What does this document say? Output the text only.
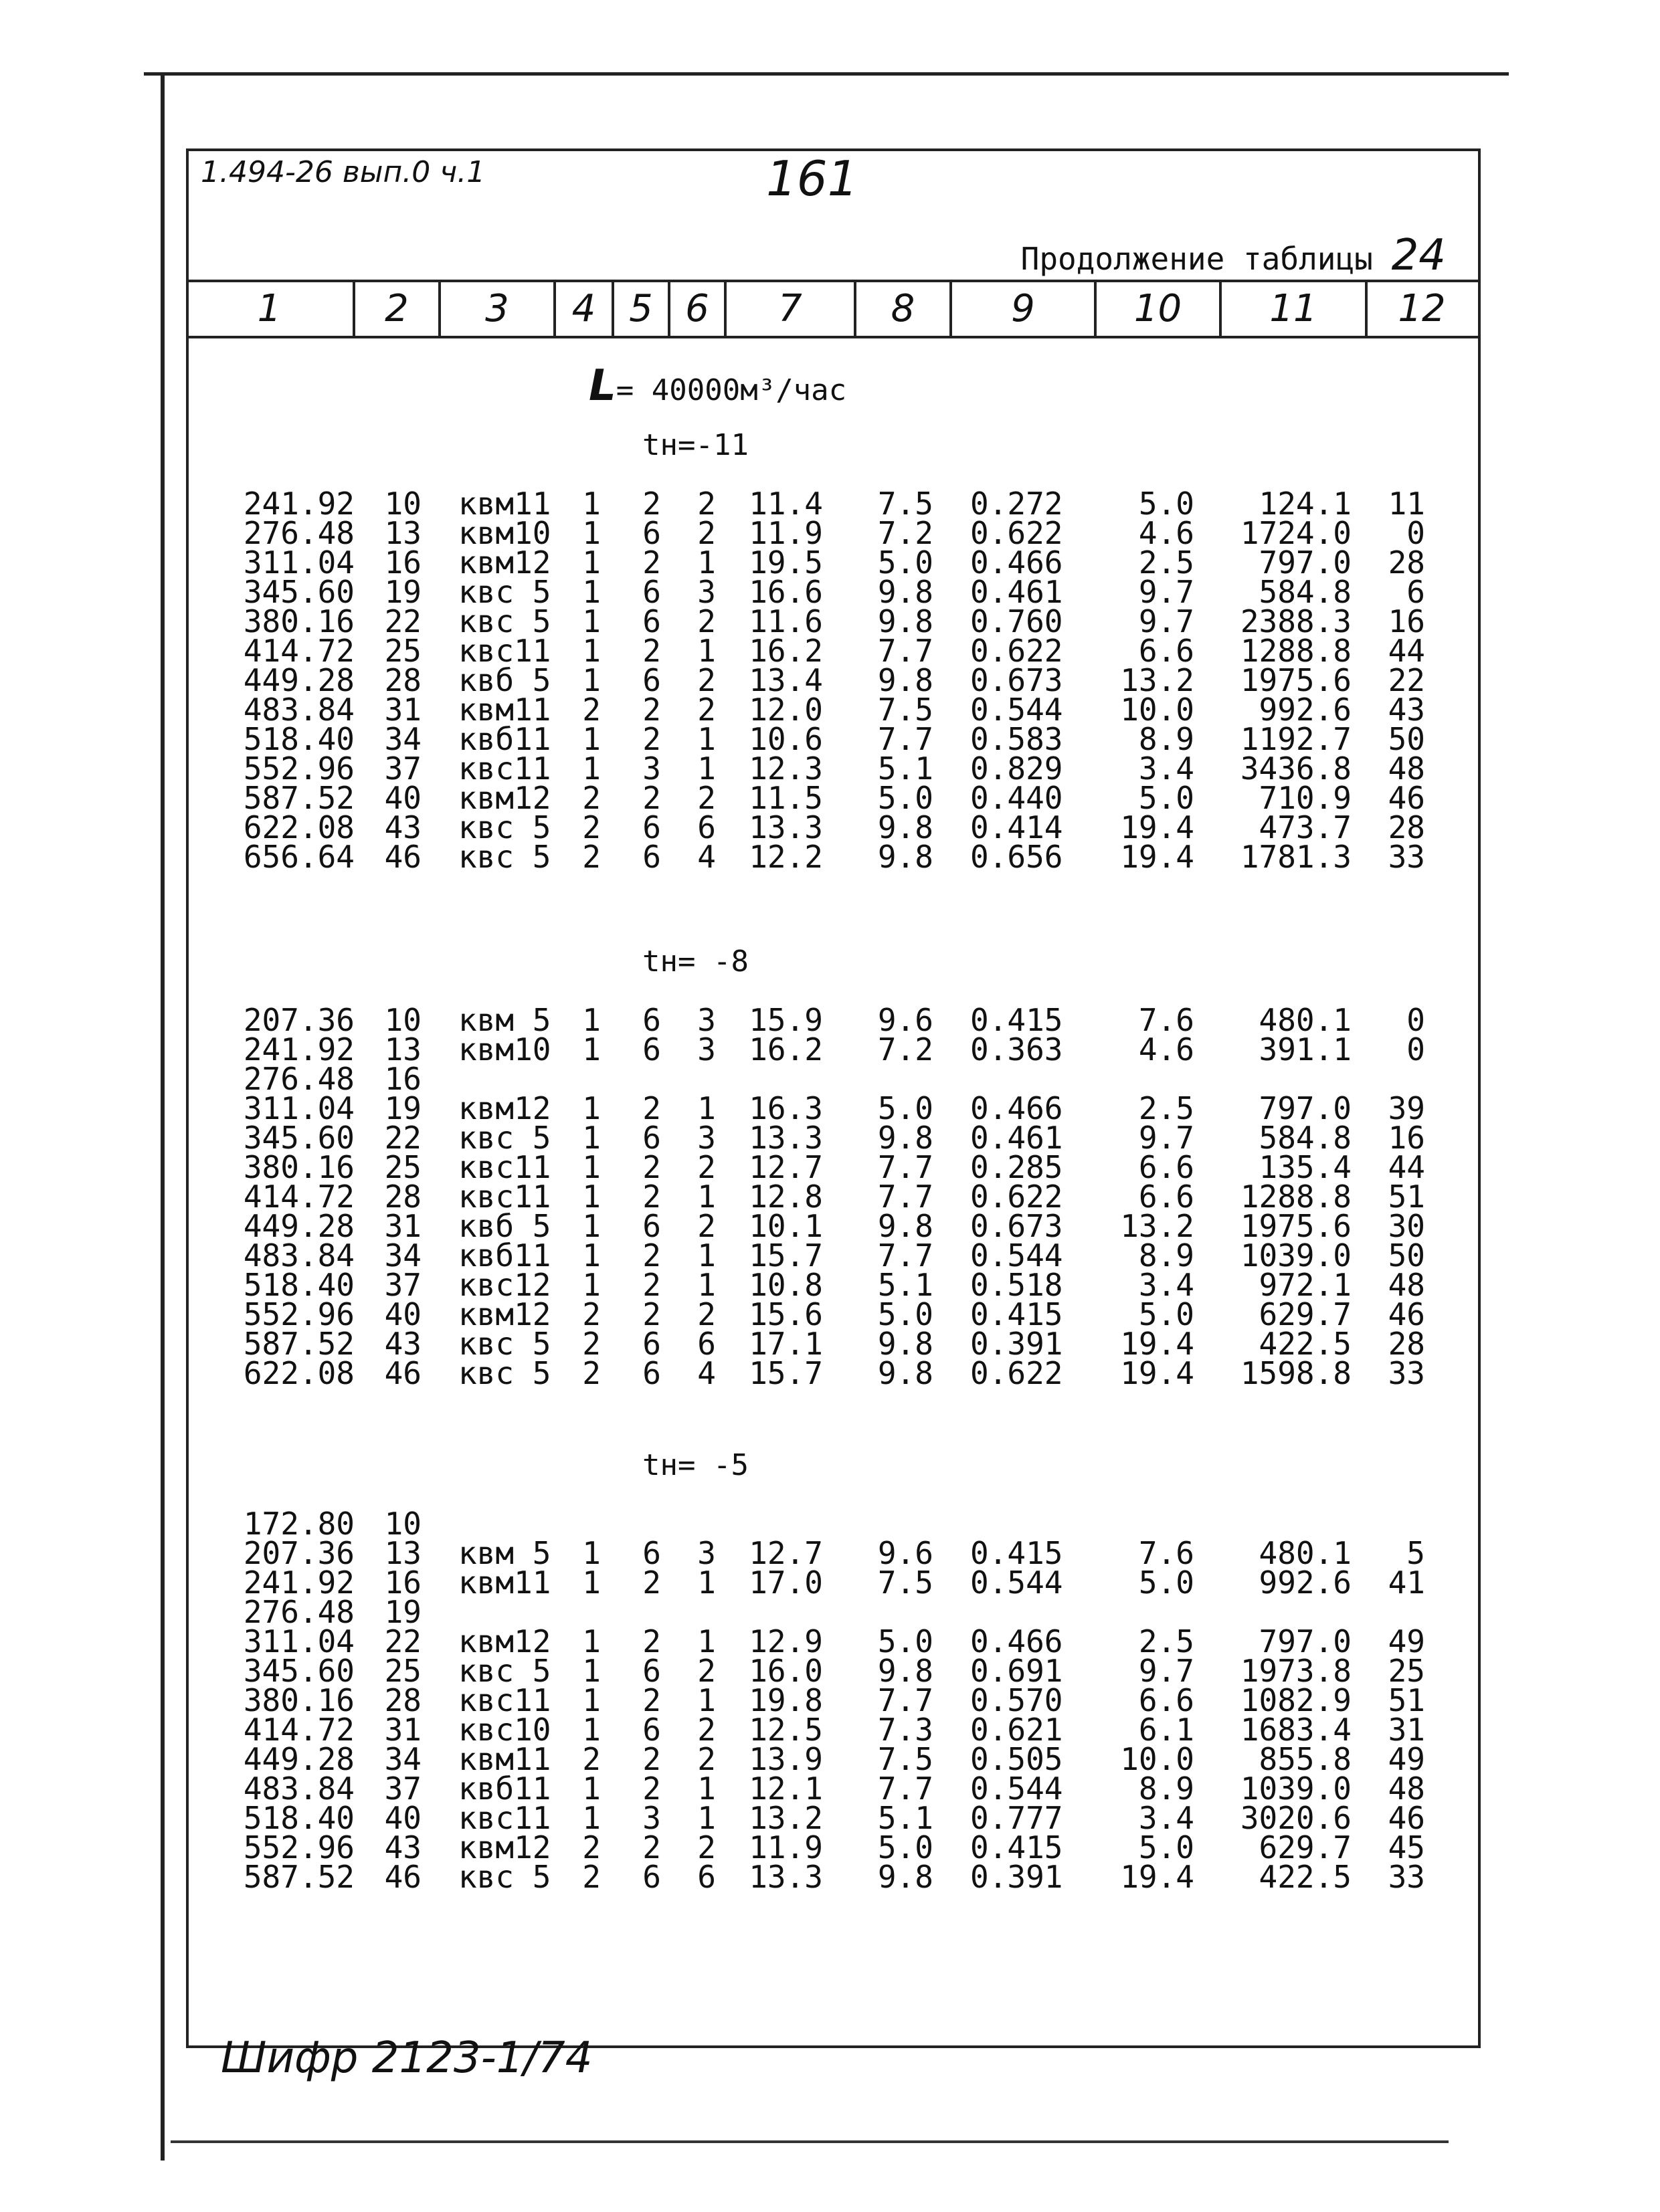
1.494-26 вып.0 ч.1	161
Продолжение таблицы 24
1	2	3	4 5 6	7	8	9	10	11	12
L= 40000м³/час
tн=-11
241.92 10 квм11 1 2 2	11.4 7.5 0.272	5.0	124.1 11
276.48 13 квм10 1 6 2	11.9 7.2 0.622	4.6	1724.0	0
311.04 16 квм12 1 2 1	19.5 5.0 0.466	2.5	797.0 28
345.60 19 квс 5 1 6 3	16.6 9.8 0.461	9.7	584.8	6
380.16 22 квс 5 1 6 2	11.6 9.8 0.760	9.7	2388.3 16
414.72 25 квс11 1 2 1	16.2 7.7 0.622	6.6	1288.8 44
449.28 28 квб 5 1 6 2	13.4 9.8 0.673	13.2	1975.6 22
483.84 31 квм11 2 2 2	12.0 7.5 0.544	10.0	992.6 43
518.40 34 квб11 1 2 1	10.6 7.7 0.583	8.9	1192.7 50
552.96 37 квс11 1 3 1	12.3 5.1 0.829	3.4	3436.8 48
587.52 40 квм12 2 2 2	11.5 5.0 0.440	5.0	710.9 46
622.08 43 квс 5 2 6 6	13.3 9.8 0.414	19.4	473.7 28
656.64 46 квс 5 2 6 4	12.2 9.8 0.656	19.4	1781.3 33
tн= -8
207.36 10 квм 5 1 6 3	15.9 9.6 0.415	7.6	480.1	0
241.92 13 квм10 1 6 3	16.2 7.2 0.363	4.6	391.1	0
276.48 16
311.04 19 квм12 1 2 1	16.3 5.0 0.466	2.5	797.0 39
345.60 22 квс 5 1 6 3	13.3 9.8 0.461	9.7	584.8 16
380.16 25 квс11 1 2 2	12.7 7.7 0.285	6.6	135.4 44
414.72 28 квс11 1 2 1	12.8 7.7 0.622	6.6	1288.8 51
449.28 31 квб 5 1 6 2	10.1 9.8 0.673	13.2	1975.6 30
483.84 34 квб11 1 2 1	15.7 7.7 0.544	8.9	1039.0 50
518.40 37 квс12 1 2 1	10.8 5.1 0.518	3.4	972.1 48
552.96 40 квм12 2 2 2	15.6 5.0 0.415	5.0	629.7 46
587.52 43 квс 5 2 6 6	17.1 9.8 0.391	19.4	422.5 28
622.08 46 квс 5 2 6 4	15.7 9.8 0.622	19.4	1598.8 33
tн= -5
172.80 10
207.36 13 квм 5 1 6 3	12.7 9.6 0.415	7.6	480.1	5
241.92 16 квм11 1 2 1	17.0 7.5 0.544	5.0	992.6 41
276.48 19
311.04 22 квм12 1 2 1	12.9 5.0 0.466	2.5	797.0 49
345.60 25 квс 5 1 6 2	16.0 9.8 0.691	9.7	1973.8 25
380.16 28 квс11 1 2 1	19.8 7.7 0.570	6.6	1082.9 51
414.72 31 квс10 1 6 2	12.5 7.3 0.621	6.1	1683.4 31
449.28 34 квм11 2 2 2	13.9 7.5 0.505	10.0	855.8 49
483.84 37 квб11 1 2 1	12.1 7.7 0.544	8.9	1039.0 48
518.40 40 квс11 1 3 1	13.2 5.1 0.777	3.4	3020.6 46
552.96 43 квм12 2 2 2	11.9 5.0 0.415	5.0	629.7 45
587.52 46 квс 5 2 6 6	13.3 9.8 0.391	19.4	422.5 33
Шифр 2123-1/74
